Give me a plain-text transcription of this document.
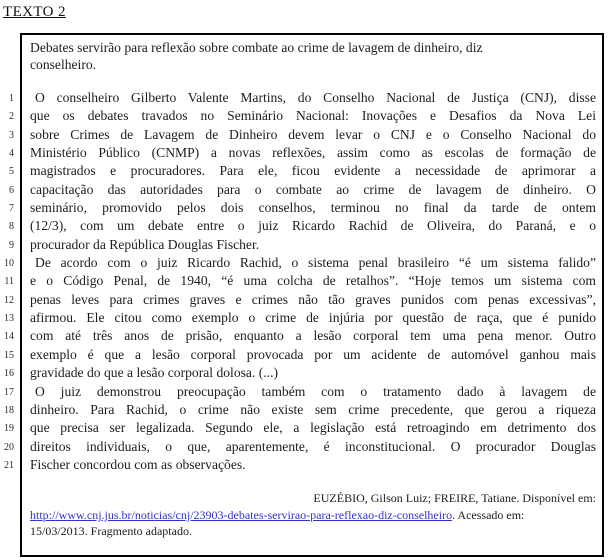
TEXTO 2
Debates servirão para reflexão sobre combate ao crime de lavagem de dinheiro, diz
conselheiro.
1	O conselheiro Gilberto Valente Martins, do Conselho Nacional de Justiça (CNJ), disse
2 que os debates travados no Seminário Nacional: Inovações e Desafios da Nova Lei
3 sobre Crimes de Lavagem de Dinheiro devem levar o CNJ e o Conselho Nacional do
4 Ministério Público (CNMP) a novas reflexões, assim como as escolas de formação de
5 magistrados e procuradores. Para ele, ficou evidente a necessidade de aprimorar a
6 capacitação das autoridades para o combate ao crime de lavagem de dinheiro. O
7 seminário, promovido pelos dois conselhos, terminou no final da tarde de ontem
8 (12/3), com um debate entre o juiz Ricardo Rachid de Oliveira, do Paraná, e o
9 procurador da República Douglas Fischer.
10	De acordo com o juiz Ricardo Rachid, o sistema penal brasileiro “é um sistema falido”
11 e o Código Penal, de 1940, “é uma colcha de retalhos”. “Hoje temos um sistema com
12 penas leves para crimes graves e crimes não tão graves punidos com penas excessivas”,
13 afirmou. Ele citou como exemplo o crime de injúria por questão de raça, que é punido
14 com até três anos de prisão, enquanto a lesão corporal tem uma pena menor. Outro
15 exemplo é que a lesão corporal provocada por um acidente de automóvel ganhou mais
16 gravidade do que a lesão corporal dolosa. (...)
17	O juiz demonstrou preocupação também com o tratamento dado à lavagem de
18 dinheiro. Para Rachid, o crime não existe sem crime precedente, que gerou a riqueza
19 que precisa ser legalizada. Segundo ele, a legislação está retroagindo em detrimento dos
20 direitos individuais, o que, aparentemente, é inconstitucional. O procurador Douglas
21 Fischer concordou com as observações.
EUZÉBIO, Gilson Luiz; FREIRE, Tatiane. Disponível em:
http://www.cnj.jus.br/noticias/cnj/23903-debates-servirao-para-reflexao-diz-conselheiro. Acessado em:
15/03/2013. Fragmento adaptado.
